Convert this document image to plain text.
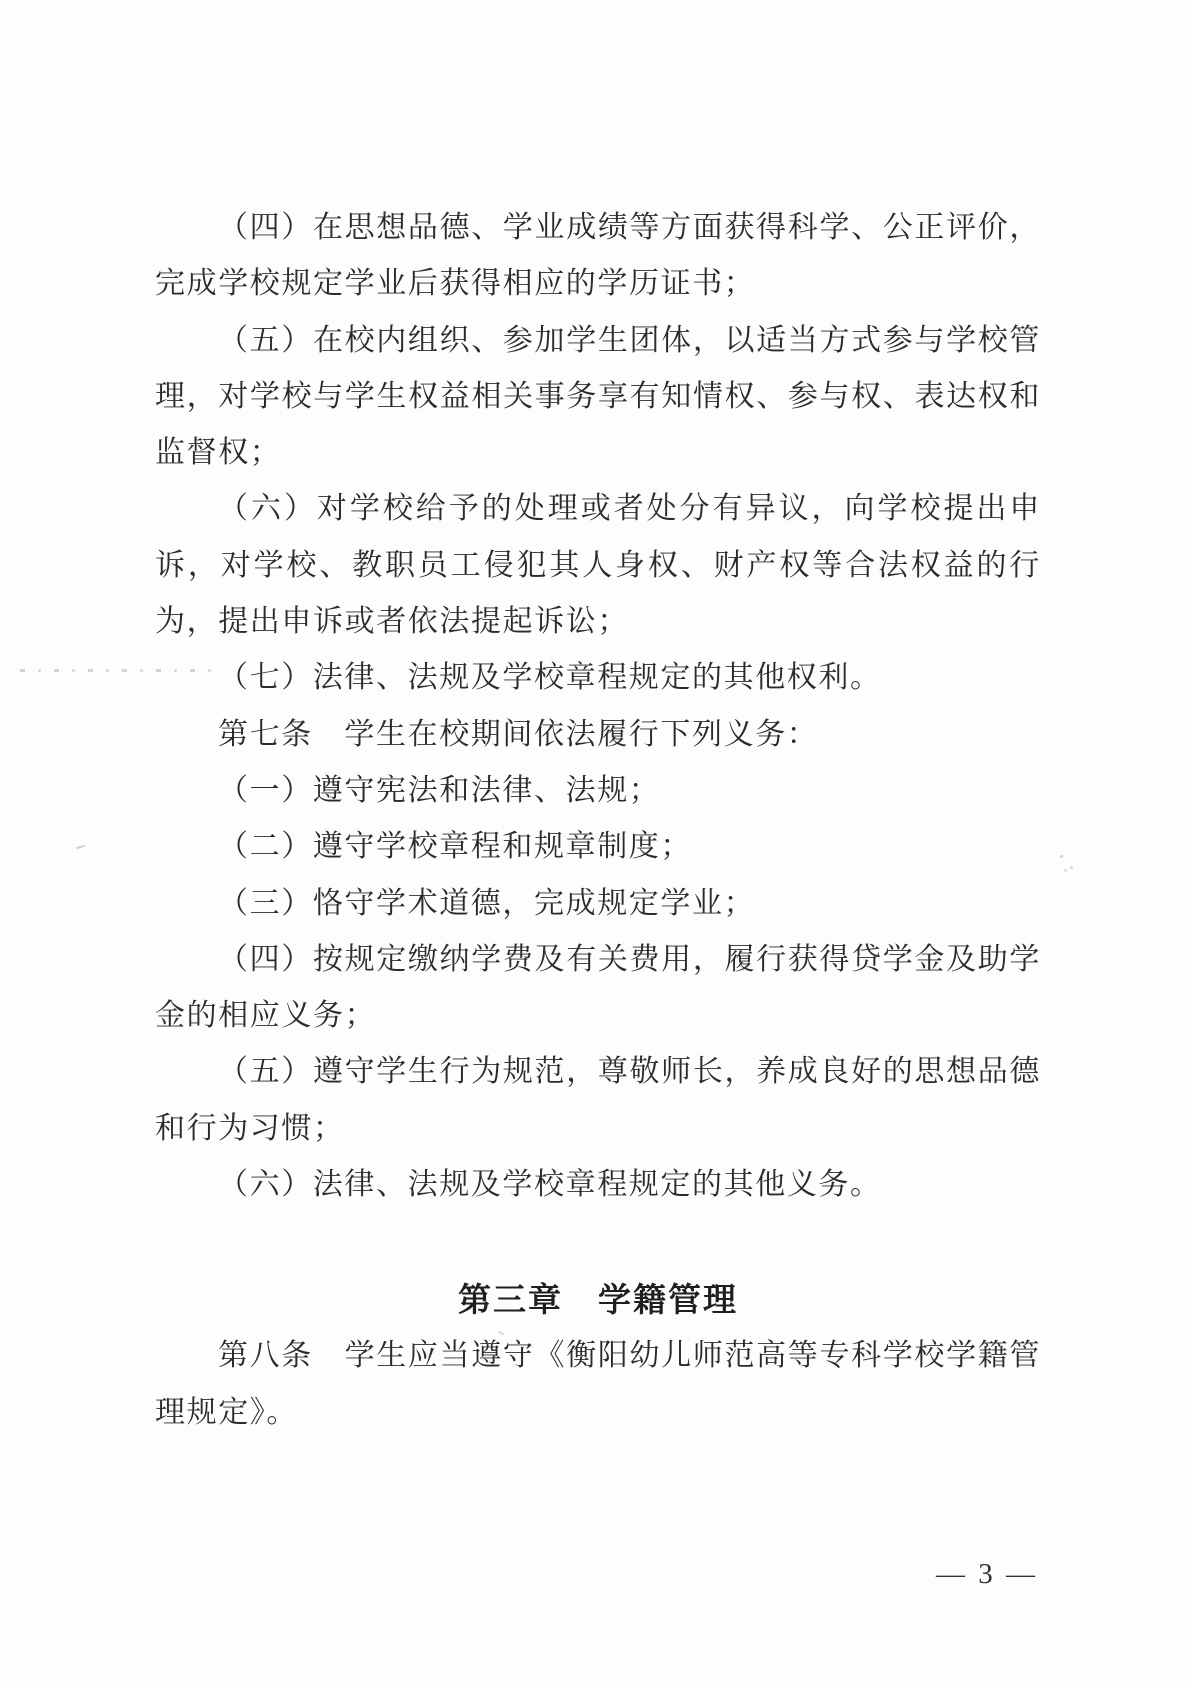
（四）在思想品德、学业成绩等方面获得科学、公正评价，完成学校规定学业后获得相应的学历证书；

（五）在校内组织、参加学生团体，以适当方式参与学校管理，对学校与学生权益相关事务享有知情权、参与权、表达权和监督权；

（六）对学校给予的处理或者处分有异议，向学校提出申诉，对学校、教职员工侵犯其人身权、财产权等合法权益的行为，提出申诉或者依法提起诉讼；

（七）法律、法规及学校章程规定的其他权利。

第七条　学生在校期间依法履行下列义务：

（一）遵守宪法和法律、法规；

（二）遵守学校章程和规章制度；

（三）恪守学术道德，完成规定学业；

（四）按规定缴纳学费及有关费用，履行获得贷学金及助学金的相应义务；

（五）遵守学生行为规范，尊敬师长，养成良好的思想品德和行为习惯；

（六）法律、法规及学校章程规定的其他义务。

第三章　学籍管理

第八条　学生应当遵守《衡阳幼儿师范高等专科学校学籍管理规定》。

— 3 —
